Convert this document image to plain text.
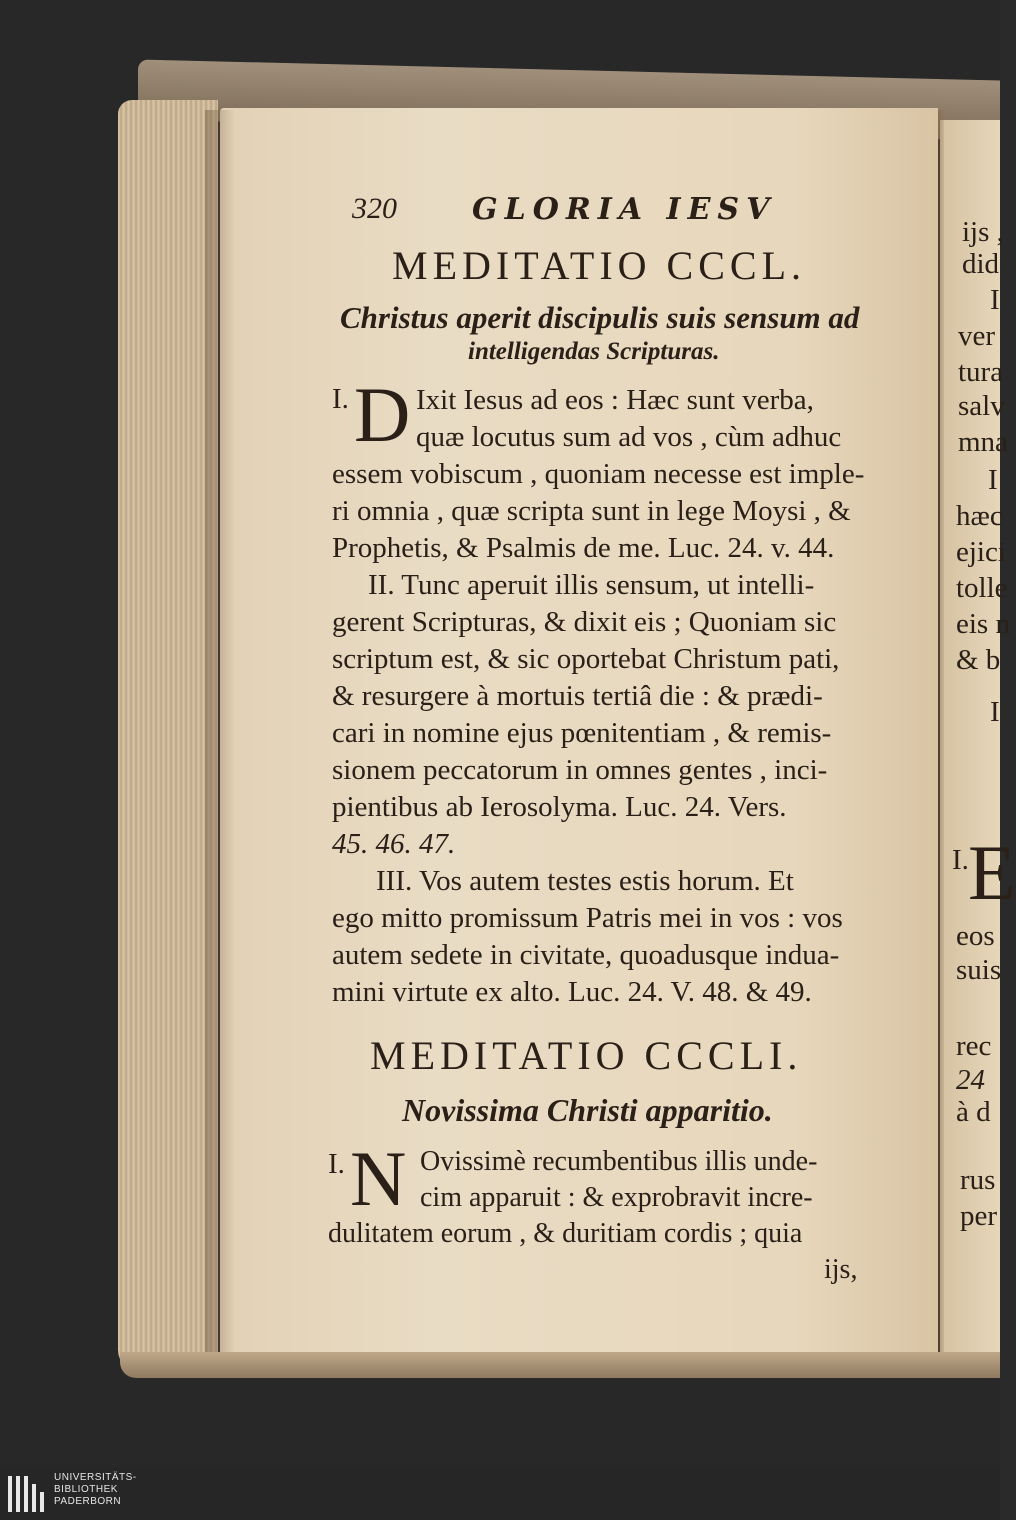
ijs ,
did
I
ver
tura
salv
mna
I
hæc
ejici
tolle
eis n
& b
I
I. E
eos
suis
rec
24
à d
rus
per
320	GLORIA IESV
MEDITATIO CCCL.
Christus aperit discipulis suis sensum ad
intelligendas Scripturas.
I. D Ixit Iesus ad eos : Hæc sunt verba,
quæ locutus sum ad vos , cùm adhuc
essem vobiscum , quoniam necesse est imple-
ri omnia , quæ scripta sunt in lege Moysi , &
Prophetis, & Psalmis de me. Luc. 24. v. 44.
II. Tunc aperuit illis sensum, ut intelli-
gerent Scripturas, & dixit eis ; Quoniam sic
scriptum est, & sic oportebat Christum pati,
& resurgere à mortuis tertiâ die : & prædi-
cari in nomine ejus pœnitentiam , & remis-
sionem peccatorum in omnes gentes , inci-
pientibus ab Ierosolyma. Luc. 24. Vers.
45. 46. 47.
III. Vos autem testes estis horum. Et
ego mitto promissum Patris mei in vos : vos
autem sedete in civitate, quoadusque indua-
mini virtute ex alto. Luc. 24. V. 48. & 49.
MEDITATIO CCCLI.
Novissima Christi apparitio.
I. N Ovissimè recumbentibus illis unde-
cim apparuit : & exprobravit incre-
dulitatem eorum , & duritiam cordis ; quia
ijs,
UNIVERSITÄTS-
BIBLIOTHEK
PADERBORN
